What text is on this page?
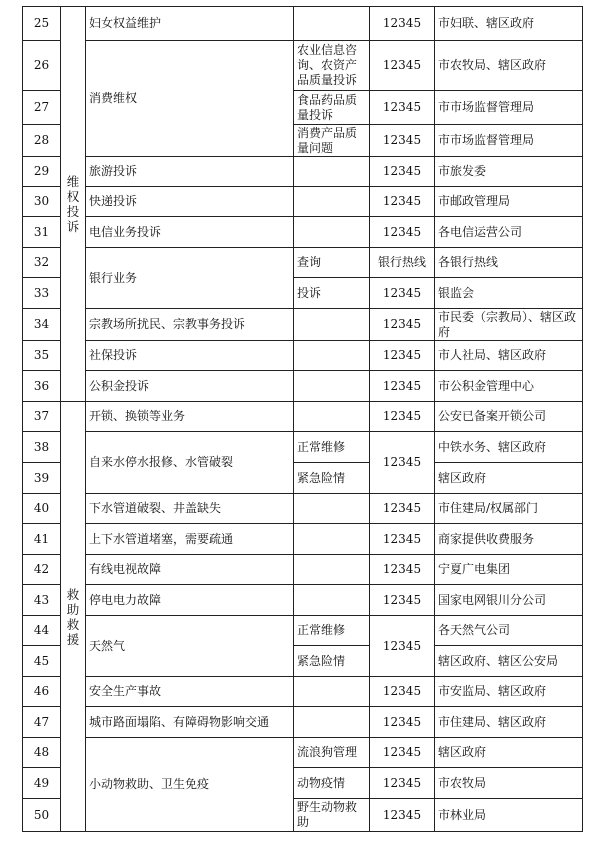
25	维权投诉	妇女权益维护		12345	市妇联、辖区政府
26		消费维权	农业信息咨询、农资产品质量投诉	12345	市农牧局、辖区政府
27			食品药品质量投诉	12345	市市场监督管理局
28			消费产品质量问题	12345	市市场监督管理局
29		旅游投诉		12345	市旅发委
30		快递投诉		12345	市邮政管理局
31		电信业务投诉		12345	各电信运营公司
32		银行业务	查询	银行热线	各银行热线
33			投诉	12345	银监会
34		宗教场所扰民、宗教事务投诉		12345	市民委（宗教局）、辖区政府
35		社保投诉		12345	市人社局、辖区政府
36		公积金投诉		12345	市公积金管理中心
37	救助救援	开锁、换锁等业务		12345	公安已备案开锁公司
38		自来水停水报修、水管破裂	正常维修	12345	中铁水务、辖区政府
39			紧急险情		辖区政府
40		下水管道破裂、井盖缺失		12345	市住建局/权属部门
41		上下水管道堵塞，需要疏通		12345	商家提供收费服务
42		有线电视故障		12345	宁夏广电集团
43		停电电力故障		12345	国家电网银川分公司
44		天然气	正常维修	12345	各天然气公司
45			紧急险情		辖区政府、辖区公安局
46		安全生产事故		12345	市安监局、辖区政府
47		城市路面塌陷、有障碍物影响交通		12345	市住建局、辖区政府
48		小动物救助、卫生免疫	流浪狗管理	12345	辖区政府
49			动物疫情	12345	市农牧局
50			野生动物救助	12345	市林业局
